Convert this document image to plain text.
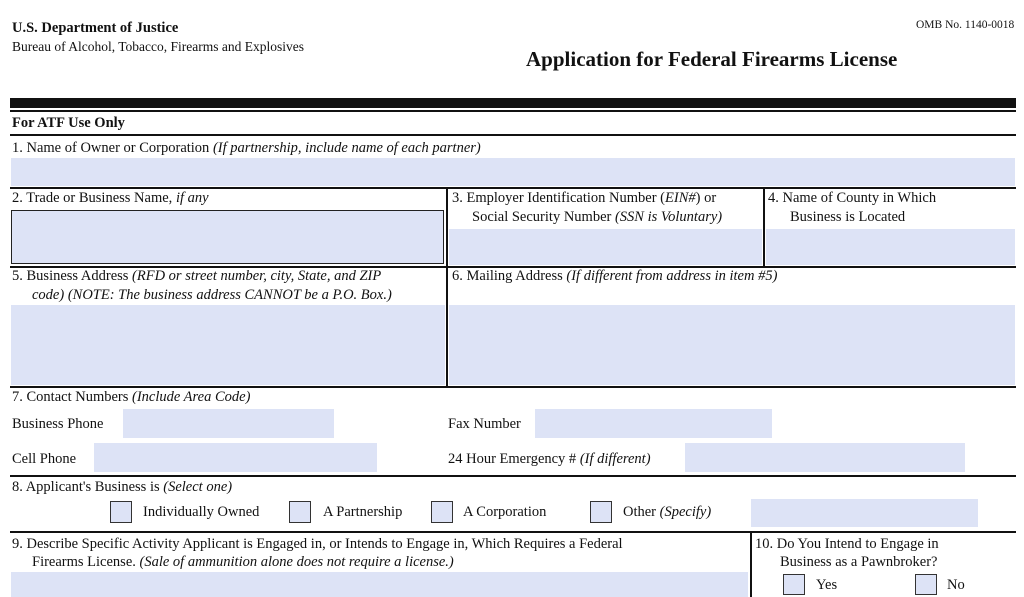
U.S. Department of Justice
Bureau of Alcohol, Tobacco, Firearms and Explosives
OMB No. 1140-0018
Application for Federal Firearms License
For ATF Use Only
1. Name of Owner or Corporation (If partnership, include name of each partner)
2. Trade or Business Name, if any	3. Employer Identification Number (EIN#) or
Social Security Number (SSN is Voluntary)
4. Name of County in Which
Business is Located
5. Business Address (RFD or street number, city, State, and ZIP
code) (NOTE: The business address CANNOT be a P.O. Box.)
6. Mailing Address (If different from address in item #5)
7. Contact Numbers (Include Area Code)
Business Phone	Fax Number
Cell Phone	24 Hour Emergency # (If different)
8. Applicant's Business is (Select one)
Individually Owned	A Partnership	A Corporation	Other (Specify)
9. Describe Specific Activity Applicant is Engaged in, or Intends to Engage in, Which Requires a Federal
Firearms License. (Sale of ammunition alone does not require a license.)
10. Do You Intend to Engage in
Business as a Pawnbroker?
Yes	No
